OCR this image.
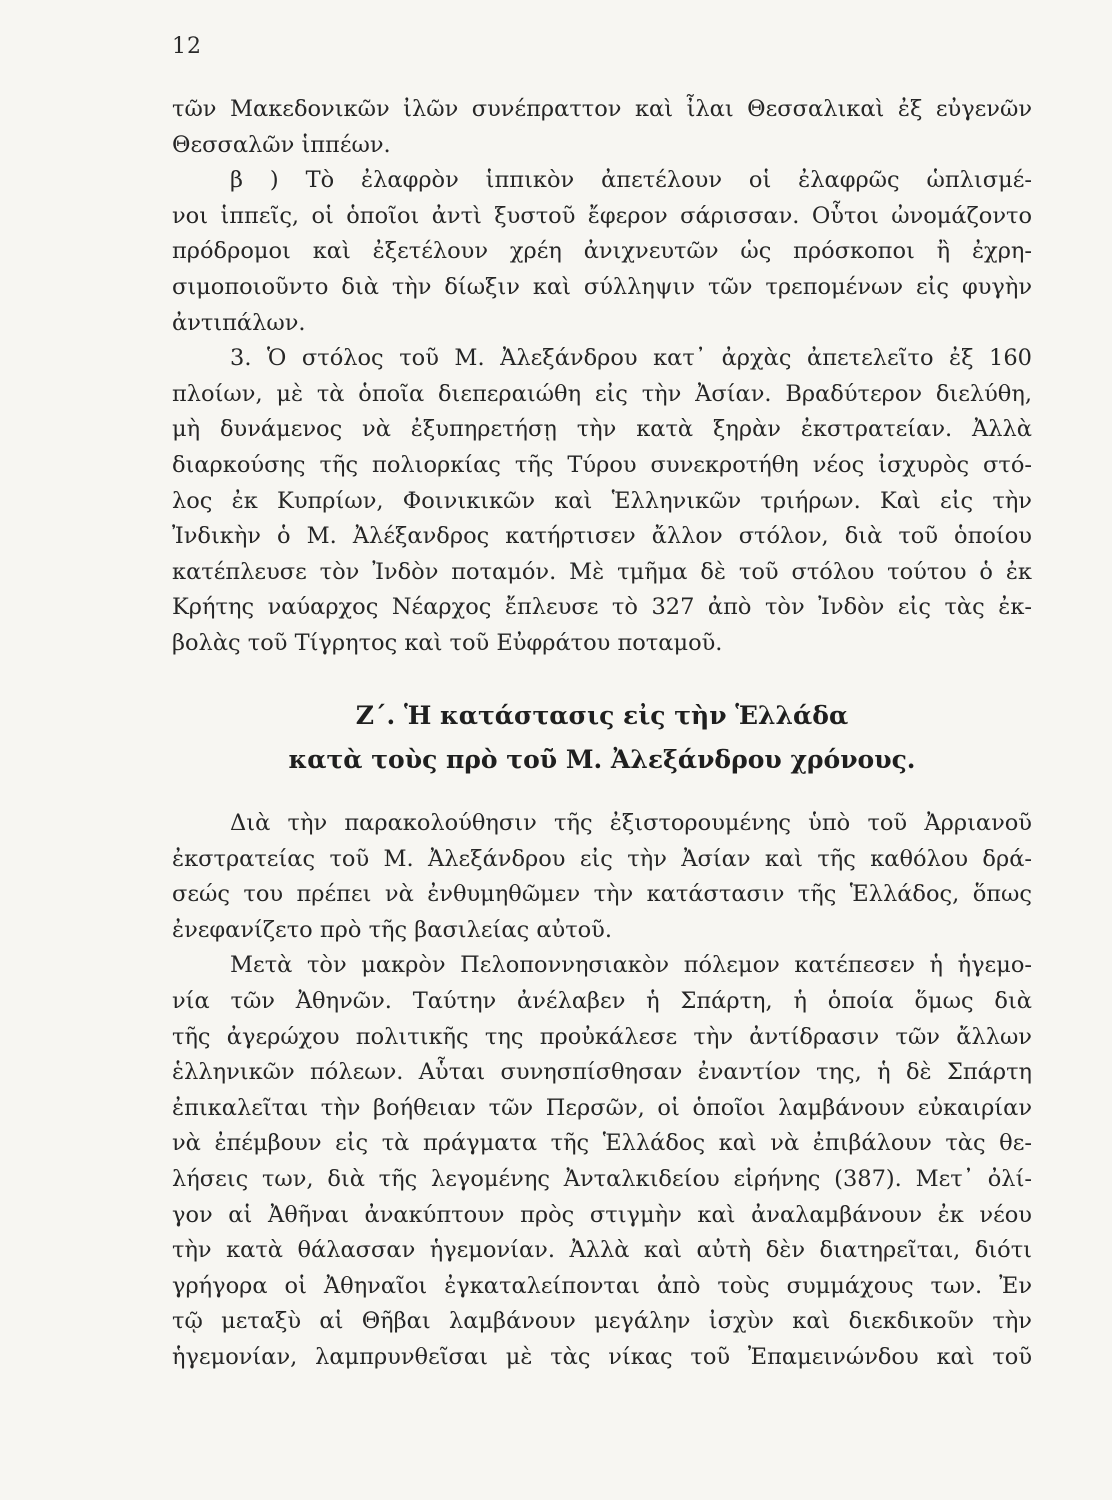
12
τῶν Μακεδονικῶν ἰλῶν συνέπραττον καὶ ἶλαι Θεσσαλικαὶ ἐξ εὐγενῶν
Θεσσαλῶν ἱππέων.
β ) Τὸ ἐλαφρὸν ἱππικὸν ἀπετέλουν οἱ ἐλαφρῶς ὡπλισμέ-
νοι ἱππεῖς, οἱ ὁποῖοι ἀντὶ ξυστοῦ ἔφερον σάρισσαν. Οὗτοι ὠνομάζοντο
πρόδρομοι καὶ ἐξετέλουν χρέη ἀνιχνευτῶν ὡς πρόσκοποι ἢ ἐχρη-
σιμοποιοῦντο διὰ τὴν δίωξιν καὶ σύλληψιν τῶν τρεπομένων εἰς φυγὴν
ἀντιπάλων.
3. Ὁ στόλος τοῦ Μ. Ἀλεξάνδρου κατ᾽ ἀρχὰς ἀπετελεῖτο ἐξ 160
πλοίων, μὲ τὰ ὁποῖα διεπεραιώθη εἰς τὴν Ἀσίαν. Βραδύτερον διελύθη,
μὴ δυνάμενος νὰ ἐξυπηρετήσῃ τὴν κατὰ ξηρὰν ἐκστρατείαν. Ἀλλὰ
διαρκούσης τῆς πολιορκίας τῆς Τύρου συνεκροτήθη νέος ἰσχυρὸς στό-
λος ἐκ Κυπρίων, Φοινικικῶν καὶ Ἑλληνικῶν τριήρων. Καὶ εἰς τὴν
Ἰνδικὴν ὁ Μ. Ἀλέξανδρος κατήρτισεν ἄλλον στόλον, διὰ τοῦ ὁποίου
κατέπλευσε τὸν Ἰνδὸν ποταμόν. Μὲ τμῆμα δὲ τοῦ στόλου τούτου ὁ ἐκ
Κρήτης ναύαρχος Νέαρχος ἔπλευσε τὸ 327 ἀπὸ τὸν Ἰνδὸν εἰς τὰς ἐκ-
βολὰς τοῦ Τίγρητος καὶ τοῦ Εὐφράτου ποταμοῦ.
Ζ΄. Ἡ κατάστασις εἰς τὴν Ἑλλάδα
κατὰ τοὺς πρὸ τοῦ Μ. Ἀλεξάνδρου χρόνους.
Διὰ τὴν παρακολούθησιν τῆς ἐξιστορουμένης ὑπὸ τοῦ Ἀρριανοῦ
ἐκστρατείας τοῦ Μ. Ἀλεξάνδρου εἰς τὴν Ἀσίαν καὶ τῆς καθόλου δρά-
σεώς του πρέπει νὰ ἐνθυμηθῶμεν τὴν κατάστασιν τῆς Ἑλλάδος, ὅπως
ἐνεφανίζετο πρὸ τῆς βασιλείας αὐτοῦ.
Μετὰ τὸν μακρὸν Πελοποννησιακὸν πόλεμον κατέπεσεν ἡ ἡγεμο-
νία τῶν Ἀθηνῶν. Ταύτην ἀνέλαβεν ἡ Σπάρτη, ἡ ὁποία ὅμως διὰ
τῆς ἀγερώχου πολιτικῆς της προὐκάλεσε τὴν ἀντίδρασιν τῶν ἄλλων
ἑλληνικῶν πόλεων. Αὗται συνησπίσθησαν ἐναντίον της, ἡ δὲ Σπάρτη
ἐπικαλεῖται τὴν βοήθειαν τῶν Περσῶν, οἱ ὁποῖοι λαμβάνουν εὐκαιρίαν
νὰ ἐπέμβουν εἰς τὰ πράγματα τῆς Ἑλλάδος καὶ νὰ ἐπιβάλουν τὰς θε-
λήσεις των, διὰ τῆς λεγομένης Ἀνταλκιδείου εἰρήνης (387). Μετ᾽ ὀλί-
γον αἱ Ἀθῆναι ἀνακύπτουν πρὸς στιγμὴν καὶ ἀναλαμβάνουν ἐκ νέου
τὴν κατὰ θάλασσαν ἡγεμονίαν. Ἀλλὰ καὶ αὐτὴ δὲν διατηρεῖται, διότι
γρήγορα οἱ Ἀθηναῖοι ἐγκαταλείπονται ἀπὸ τοὺς συμμάχους των. Ἐν
τῷ μεταξὺ αἱ Θῆβαι λαμβάνουν μεγάλην ἰσχὺν καὶ διεκδικοῦν τὴν
ἡγεμονίαν, λαμπρυνθεῖσαι μὲ τὰς νίκας τοῦ Ἐπαμεινώνδου καὶ τοῦ
